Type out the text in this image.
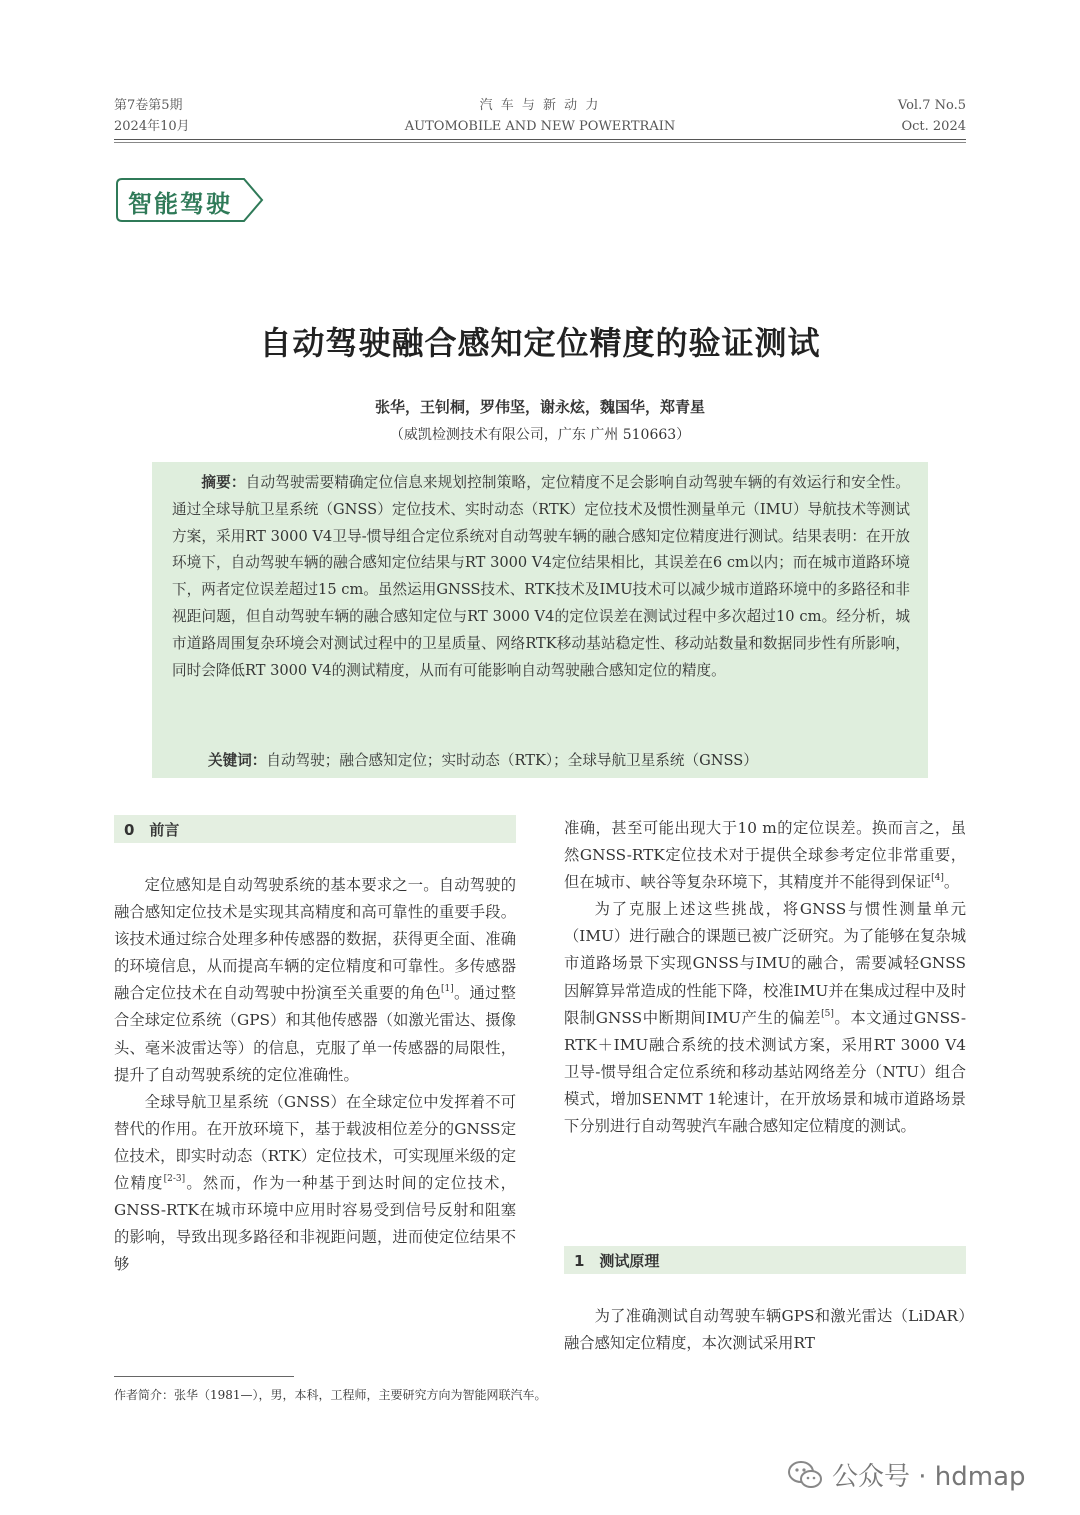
第7卷第5期
2024年10月
汽 车 与 新 动 力
AUTOMOBILE AND NEW POWERTRAIN
Vol.7 No.5
Oct. 2024
智能驾驶
自动驾驶融合感知定位精度的验证测试
张华，王钊桐，罗伟坚，谢永炫，魏国华，郑青星
（威凯检测技术有限公司，广东 广州 510663）
摘要：自动驾驶需要精确定位信息来规划控制策略，定位精度不足会影响自动驾驶车辆的有效运行和安全性。通过全球导航卫星系统（GNSS）定位技术、实时动态（RTK）定位技术及惯性测量单元（IMU）导航技术等测试方案，采用RT 3000 V4卫导-惯导组合定位系统对自动驾驶车辆的融合感知定位精度进行测试。结果表明：在开放环境下，自动驾驶车辆的融合感知定位结果与RT 3000 V4定位结果相比，其误差在6 cm以内；而在城市道路环境下，两者定位误差超过15 cm。虽然运用GNSS技术、RTK技术及IMU技术可以减少城市道路环境中的多路径和非视距问题，但自动驾驶车辆的融合感知定位与RT 3000 V4的定位误差在测试过程中多次超过10 cm。经分析，城市道路周围复杂环境会对测试过程中的卫星质量、网络RTK移动基站稳定性、移动站数量和数据同步性有所影响，同时会降低RT 3000 V4的测试精度，从而有可能影响自动驾驶融合感知定位的精度。
关键词：自动驾驶；融合感知定位；实时动态（RTK）；全球导航卫星系统（GNSS）
0　前言

定位感知是自动驾驶系统的基本要求之一。自动驾驶的融合感知定位技术是实现其高精度和高可靠性的重要手段。该技术通过综合处理多种传感器的数据，获得更全面、准确的环境信息，从而提高车辆的定位精度和可靠性。多传感器融合定位技术在自动驾驶中扮演至关重要的角色[1]。通过整合全球定位系统（GPS）和其他传感器（如激光雷达、摄像头、毫米波雷达等）的信息，克服了单一传感器的局限性，提升了自动驾驶系统的定位准确性。

全球导航卫星系统（GNSS）在全球定位中发挥着不可替代的作用。在开放环境下，基于载波相位差分的GNSS定位技术，即实时动态（RTK）定位技术，可实现厘米级的定位精度[2-3]。然而，作为一种基于到达时间的定位技术，GNSS-RTK在城市环境中应用时容易受到信号反射和阻塞的影响，导致出现多路径和非视距问题，进而使定位结果不够

准确，甚至可能出现大于10 m的定位误差。换而言之，虽然GNSS-RTK定位技术对于提供全球参考定位非常重要，但在城市、峡谷等复杂环境下，其精度并不能得到保证[4]。

为了克服上述这些挑战，将GNSS与惯性测量单元（IMU）进行融合的课题已被广泛研究。为了能够在复杂城市道路场景下实现GNSS与IMU的融合，需要减轻GNSS因解算异常造成的性能下降，校准IMU并在集成过程中及时限制GNSS中断期间IMU产生的偏差[5]。本文通过GNSS-RTK＋IMU融合系统的技术测试方案，采用RT 3000 V4卫导-惯导组合定位系统和移动基站网络差分（NTU）组合模式，增加SENMT 1轮速计，在开放场景和城市道路场景下分别进行自动驾驶汽车融合感知定位精度的测试。

1　测试原理

为了准确测试自动驾驶车辆GPS和激光雷达（LiDAR）融合感知定位精度，本次测试采用RT

作者简介：张华（1981—），男，本科，工程师，主要研究方向为智能网联汽车。
公众号 · hdmap
